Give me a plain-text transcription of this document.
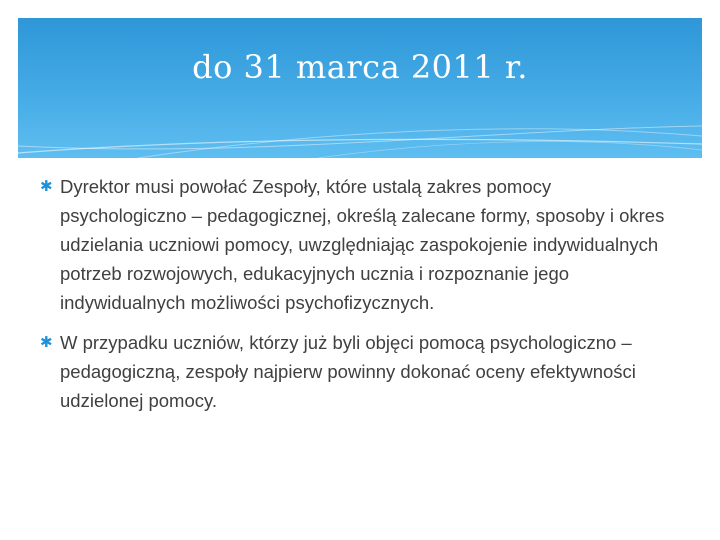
do 31 marca 2011 r.
✱ Dyrektor musi powołać Zespoły, które ustalą zakres pomocy psychologiczno – pedagogicznej, określą zalecane formy, sposoby i okres udzielania uczniowi pomocy, uwzględniając zaspokojenie indywidualnych potrzeb rozwojowych, edukacyjnych ucznia i rozpoznanie jego indywidualnych możliwości psychofizycznych.
✱ W przypadku uczniów, którzy już byli objęci pomocą psychologiczno – pedagogiczną, zespoły najpierw powinny dokonać oceny efektywności udzielonej pomocy.
